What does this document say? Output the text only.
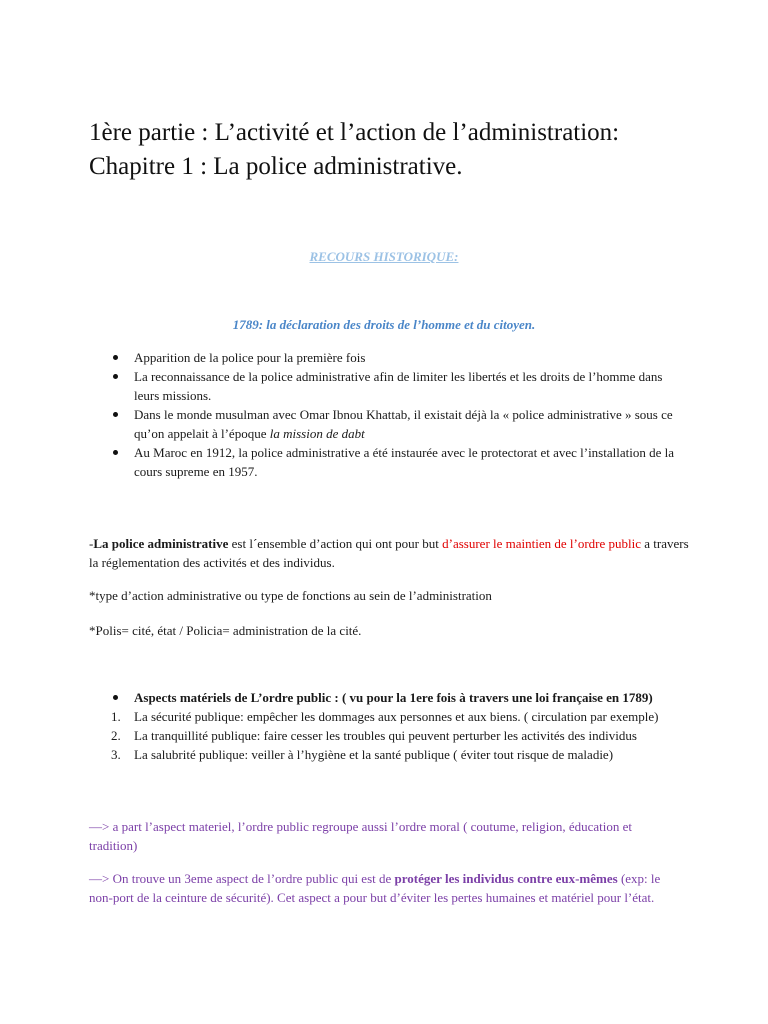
1ère partie : L’activité et l’action de l’administration:
Chapitre 1 : La police administrative.
RECOURS HISTORIQUE:
1789: la déclaration des droits de l’homme et du citoyen.
Apparition de la police pour la première fois
La reconnaissance de la police administrative afin de limiter les libertés et les droits de l’homme dans leurs missions.
Dans le monde musulman avec Omar Ibnou Khattab, il existait déjà la « police administrative » sous ce qu’on appelait à l’époque la mission de dabt
Au Maroc en 1912, la police administrative a été instaurée avec le protectorat et avec l’installation de la cours supreme en 1957.

-La police administrative est l´ensemble d’action qui ont pour but d’assurer le maintien de l’ordre public a travers la réglementation des activités et des individus.

*type d’action administrative ou type de fonctions au sein de l’administration

*Polis= cité, état / Policia= administration de la cité.

Aspects matériels de L’ordre public : ( vu pour la 1ere fois à travers une loi française en 1789)
1. La sécurité publique: empêcher les dommages aux personnes et aux biens. ( circulation par exemple)
2. La tranquillité publique: faire cesser les troubles qui peuvent perturber les activités des individus
3. La salubrité publique: veiller à l’hygiène et la santé publique ( éviter tout risque de maladie)

—> a part l’aspect materiel, l’ordre public regroupe aussi l’ordre moral ( coutume, religion, éducation et tradition)

—> On trouve un 3eme aspect de l’ordre public qui est de protéger les individus contre eux-mêmes (exp: le non-port de la ceinture de sécurité). Cet aspect a pour but d’éviter les pertes humaines et matériel pour l’état.
